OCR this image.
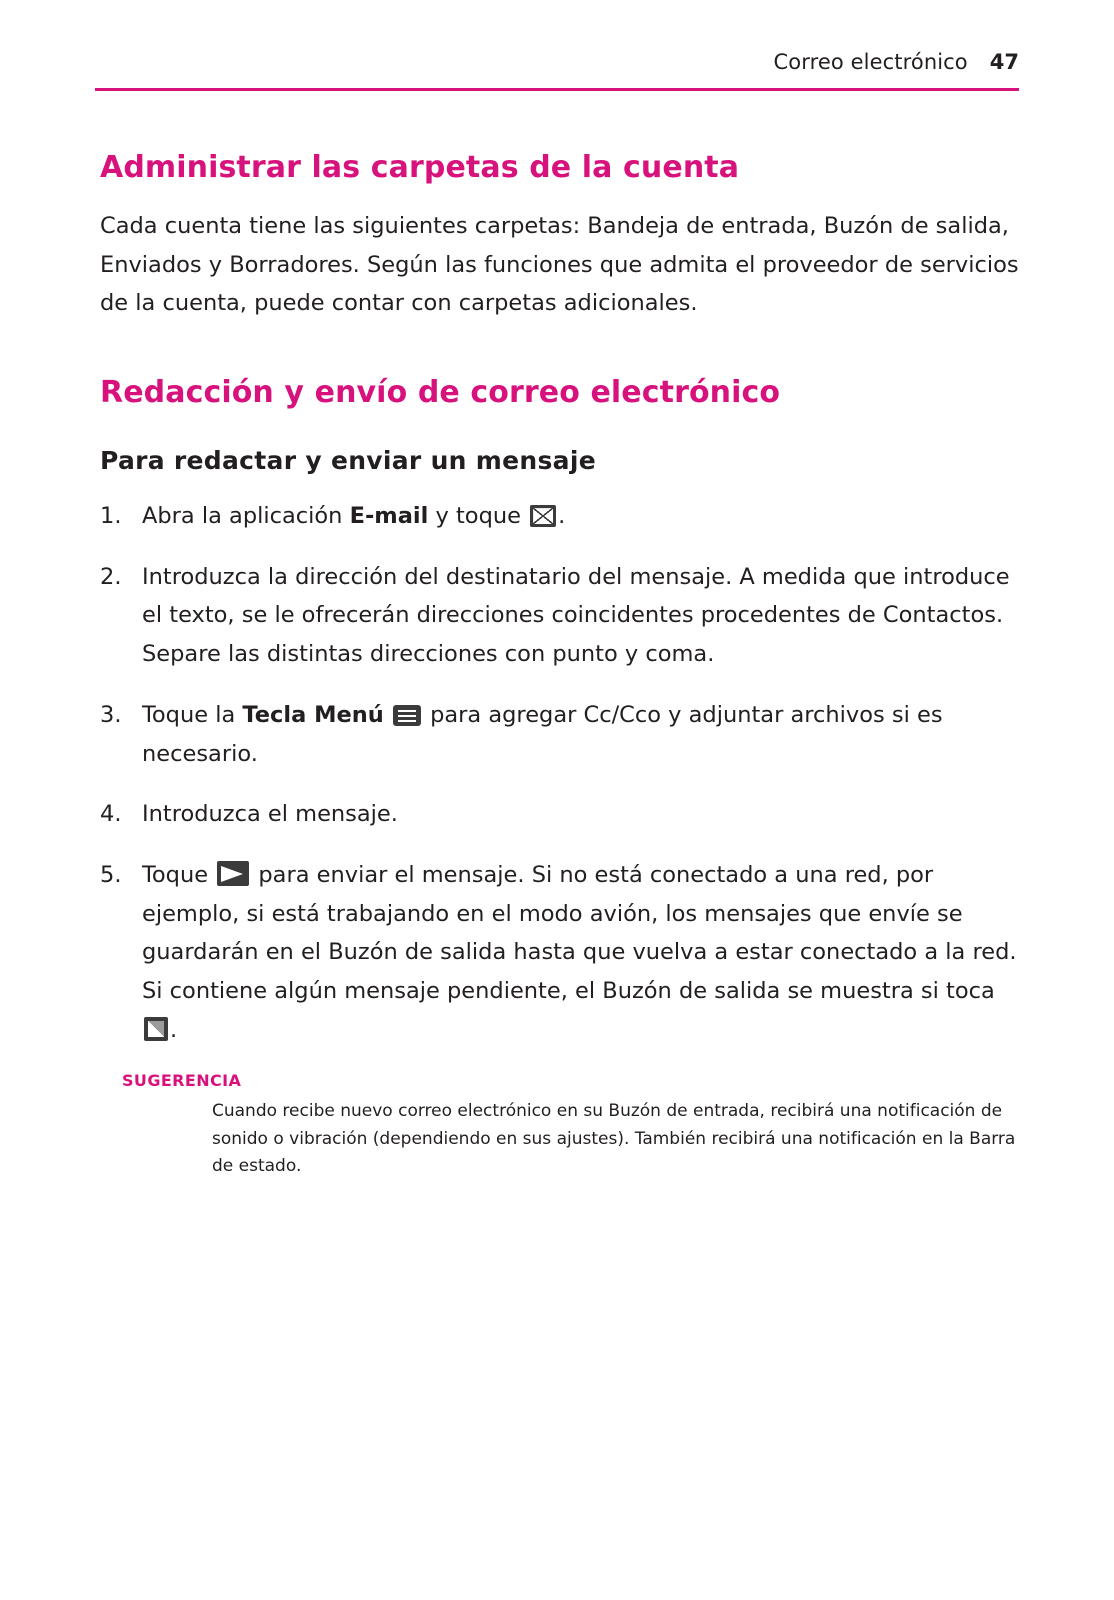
Correo electrónico 47
Administrar las carpetas de la cuenta

Cada cuenta tiene las siguientes carpetas: Bandeja de entrada, Buzón de salida, Enviados y Borradores. Según las funciones que admita el proveedor de servicios de la cuenta, puede contar con carpetas adicionales.

Redacción y envío de correo electrónico
Para redactar y enviar un mensaje
1. Abra la aplicación E-mail y toque .
2. Introduzca la dirección del destinatario del mensaje. A medida que introduce el texto, se le ofrecerán direcciones coincidentes procedentes de Contactos. Separe las distintas direcciones con punto y coma.
3. Toque la Tecla Menú
para agregar Cc/Cco y adjuntar archivos si es necesario.
4. Introduzca el mensaje.
5. Toque  para enviar el mensaje. Si no está conectado a una red, por ejemplo, si está trabajando en el modo avión, los mensajes que envíe se guardarán en el Buzón de salida hasta que vuelva a estar conectado a la red. Si contiene algún mensaje pendiente, el Buzón de salida se muestra si toca .
SUGERENCIA

Cuando recibe nuevo correo electrónico en su Buzón de entrada, recibirá una notificación de sonido o vibración (dependiendo en sus ajustes). También recibirá una notificación en la Barra de estado.
